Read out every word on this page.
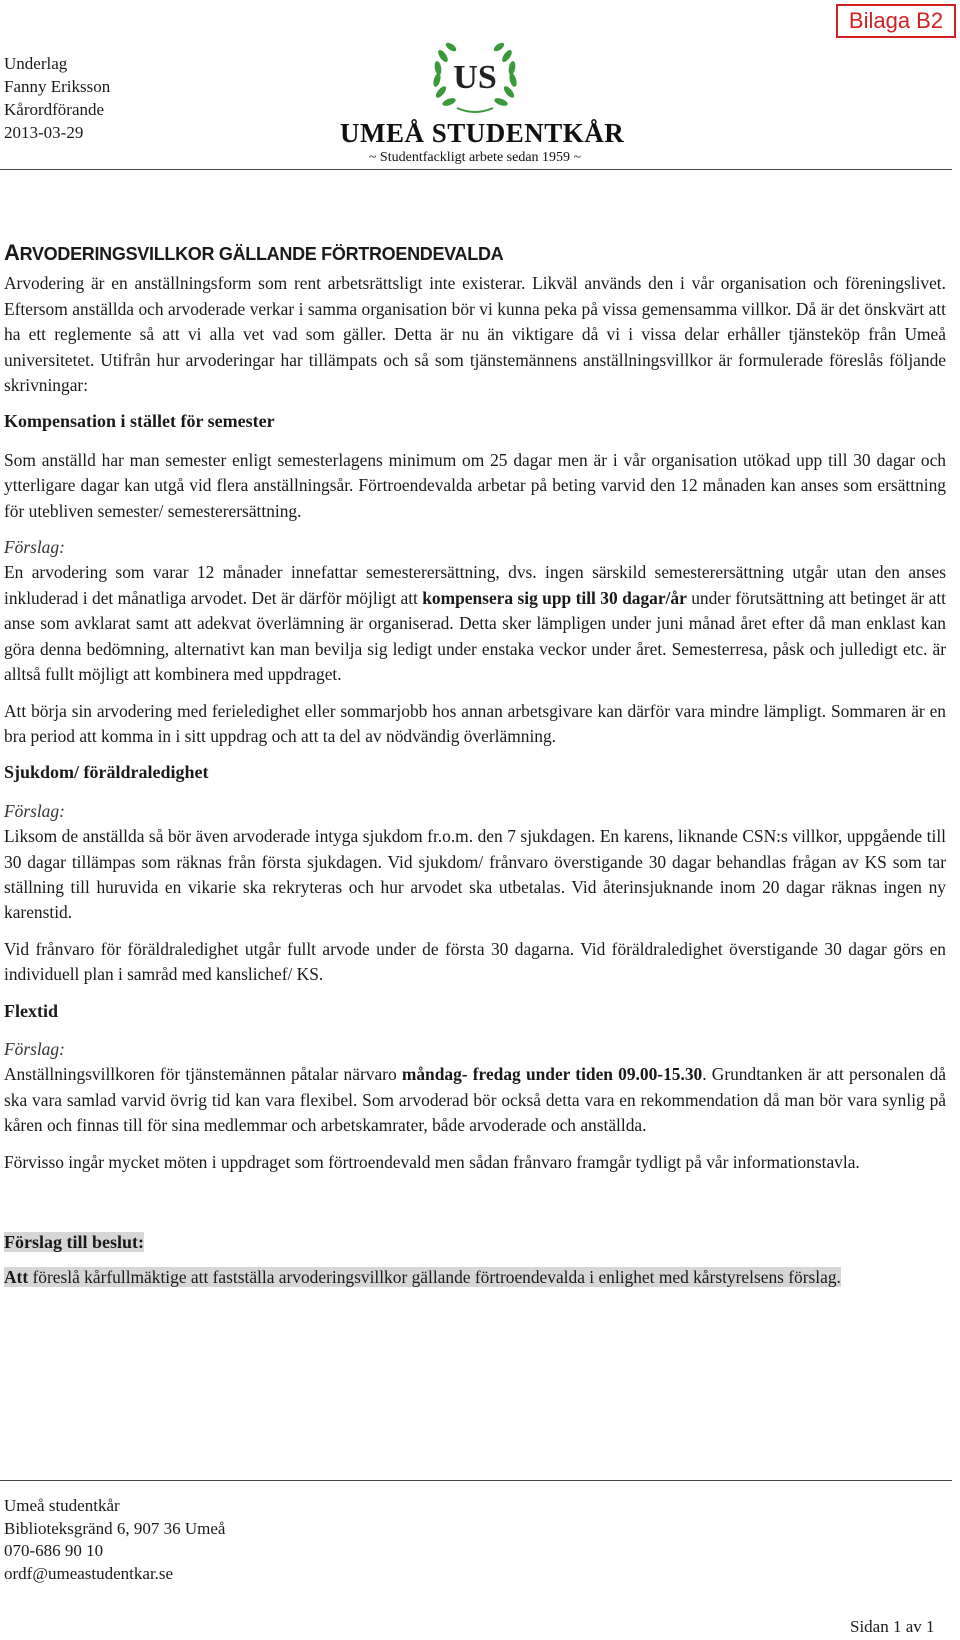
Bilaga B2
Underlag
Fanny Eriksson
Kårordförande
2013-03-29
US
UMEÅ STUDENTKÅR
~ Studentfackligt arbete sedan 1959 ~
ARVODERINGSVILLKOR GÄLLANDE FÖRTROENDEVALDA

Arvodering är en anställningsform som rent arbetsrättsligt inte existerar. Likväl används den i vår organisation och föreningslivet. Eftersom anställda och arvoderade verkar i samma organisation bör vi kunna peka på vissa gemensamma villkor. Då är det önskvärt att ha ett reglemente så att vi alla vet vad som gäller. Detta är nu än viktigare då vi i vissa delar erhåller tjänsteköp från Umeå universitetet. Utifrån hur arvoderingar har tillämpats och så som tjänstemännens anställningsvillkor är formulerade föreslås följande skrivningar:

Kompensation i stället för semester

Som anställd har man semester enligt semesterlagens minimum om 25 dagar men är i vår organisation utökad upp till 30 dagar och ytterligare dagar kan utgå vid flera anställningsår. Förtroendevalda arbetar på beting varvid den 12 månaden kan anses som ersättning för utebliven semester/ semesterersättning.

Förslag:

En arvodering som varar 12 månader innefattar semesterersättning, dvs. ingen särskild semesterersättning utgår utan den anses inkluderad i det månatliga arvodet. Det är därför möjligt att kompensera sig upp till 30 dagar/år under förutsättning att betinget är att anse som avklarat samt att adekvat överlämning är organiserad. Detta sker lämpligen under juni månad året efter då man enklast kan göra denna bedömning, alternativt kan man bevilja sig ledigt under enstaka veckor under året. Semesterresa, påsk och julledigt etc. är alltså fullt möjligt att kombinera med uppdraget.

Att börja sin arvodering med ferieledighet eller sommarjobb hos annan arbetsgivare kan därför vara mindre lämpligt. Sommaren är en bra period att komma in i sitt uppdrag och att ta del av nödvändig överlämning.

Sjukdom/ föräldraledighet
Förslag:

Liksom de anställda så bör även arvoderade intyga sjukdom fr.o.m. den 7 sjukdagen. En karens, liknande CSN:s villkor, uppgående till 30 dagar tillämpas som räknas från första sjukdagen. Vid sjukdom/ frånvaro överstigande 30 dagar behandlas frågan av KS som tar ställning till huruvida en vikarie ska rekryteras och hur arvodet ska utbetalas. Vid återinsjuknande inom 20 dagar räknas ingen ny karenstid.

Vid frånvaro för föräldraledighet utgår fullt arvode under de första 30 dagarna. Vid föräldraledighet överstigande 30 dagar görs en individuell plan i samråd med kanslichef/ KS.

Flextid
Förslag:

Anställningsvillkoren för tjänstemännen påtalar närvaro måndag- fredag under tiden 09.00-15.30. Grundtanken är att personalen då ska vara samlad varvid övrig tid kan vara flexibel. Som arvoderad bör också detta vara en rekommendation då man bör vara synlig på kåren och finnas till för sina medlemmar och arbetskamrater, både arvoderade och anställda.

Förvisso ingår mycket möten i uppdraget som förtroendevald men sådan frånvaro framgår tydligt på vår informationstavla.

Förslag till beslut:

Att föreslå kårfullmäktige att fastställa arvoderingsvillkor gällande förtroendevalda i enlighet med kårstyrelsens förslag.

Umeå studentkår
Biblioteksgränd 6, 907 36 Umeå
070-686 90 10
ordf@umeastudentkar.se
Sidan 1 av 1
